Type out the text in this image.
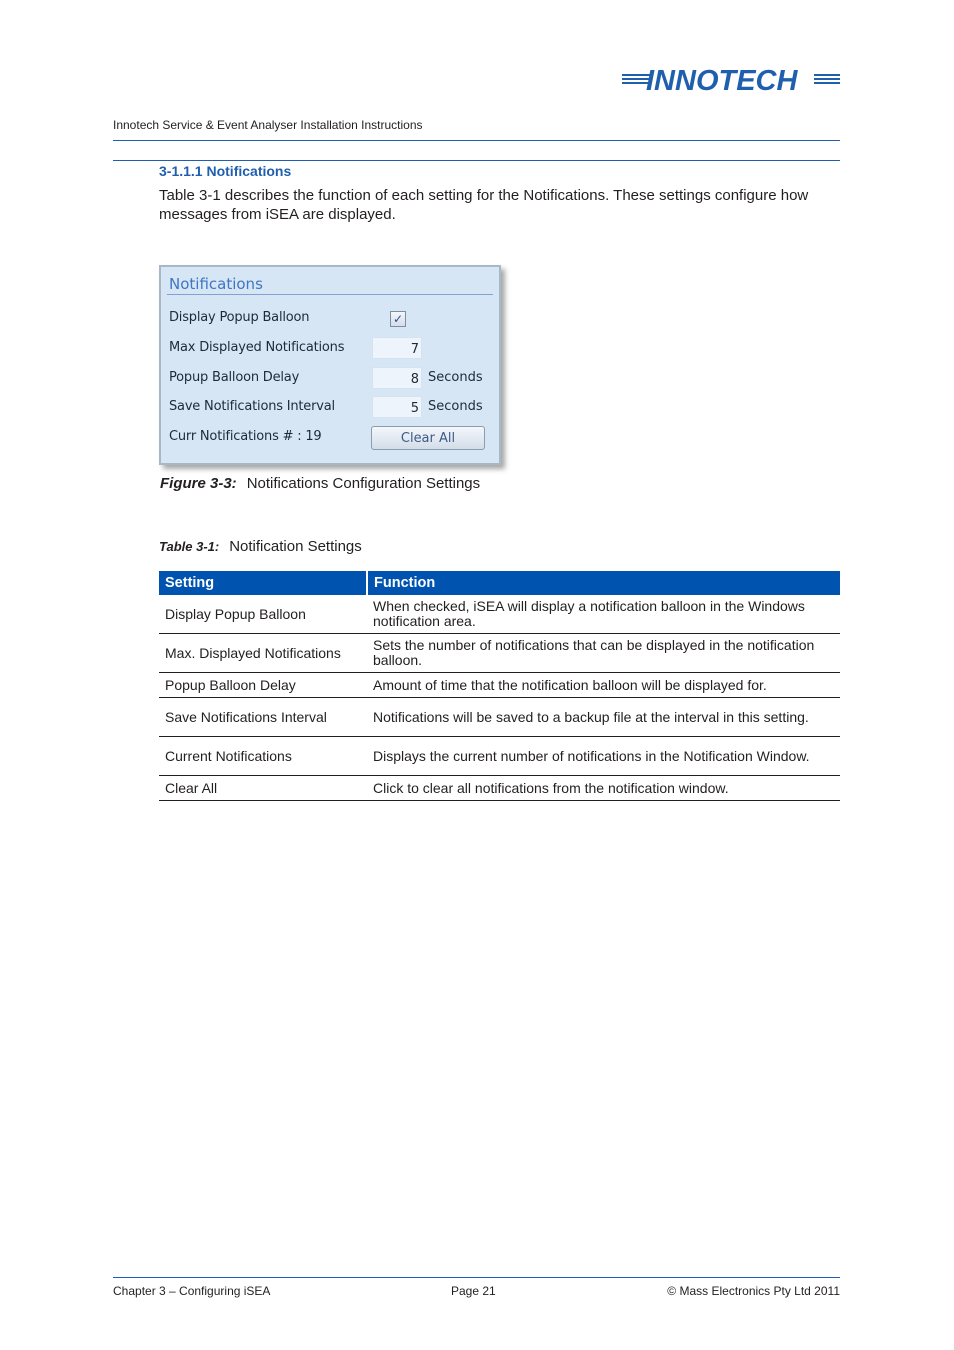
INNOTECH
Innotech Service & Event Analyser Installation Instructions
3-1.1.1 Notifications
Table 3-1 describes the function of each setting for the Notifications. These settings configure how messages from iSEA are displayed.
Notifications
Display Popup Balloon	✓
Max Displayed Notifications	7
Popup Balloon Delay	8 Seconds
Save Notifications Interval	5 Seconds
Curr Notifications # : 19	Clear All
Figure 3-3: Notifications Configuration Settings
Table 3-1: Notification Settings
Setting	Function
Display Popup Balloon	When checked, iSEA will display a notification balloon in the Windows notification area.
Max. Displayed Notifications	Sets the number of notifications that can be displayed in the notification balloon.
Popup Balloon Delay	Amount of time that the notification balloon will be displayed for.
Save Notifications Interval	Notifications will be saved to a backup file at the interval in this setting.
Current Notifications	Displays the current number of notifications in the Notification Window.
Clear All	Click to clear all notifications from the notification window.
Chapter 3 – Configuring iSEA	Page 21	© Mass Electronics Pty Ltd 2011
